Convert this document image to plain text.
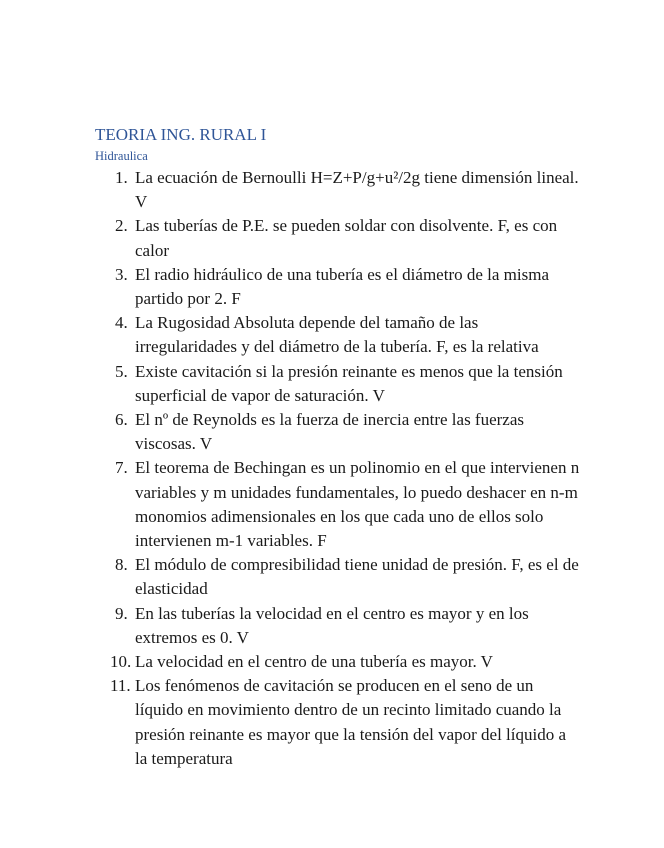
TEORIA ING. RURAL I
Hidraulica
1. La ecuación de Bernoulli H=Z+P/g+u²/2g tiene dimensión lineal. V
2. Las tuberías de P.E. se pueden soldar con disolvente. F, es con calor
3. El radio hidráulico de una tubería es el diámetro de la misma partido por 2. F
4. La Rugosidad Absoluta depende del tamaño de las irregularidades y del diámetro de la tubería. F, es la relativa
5. Existe cavitación si la presión reinante es menos que la tensión superficial de vapor de saturación. V
6. El nº de Reynolds es la fuerza de inercia entre las fuerzas viscosas. V
7. El teorema de Bechingan es un polinomio en el que intervienen n variables y m unidades fundamentales, lo puedo deshacer en n-m monomios adimensionales en los que cada uno de ellos solo intervienen m-1 variables. F
8. El módulo de compresibilidad tiene unidad de presión. F, es el de elasticidad
9. En las tuberías la velocidad en el centro es mayor y en los extremos es 0. V
10. La velocidad en el centro de una tubería es mayor. V
11. Los fenómenos de cavitación se producen en el seno de un líquido en movimiento dentro de un recinto limitado cuando la presión reinante es mayor que la tensión del vapor del líquido a la temperatura
